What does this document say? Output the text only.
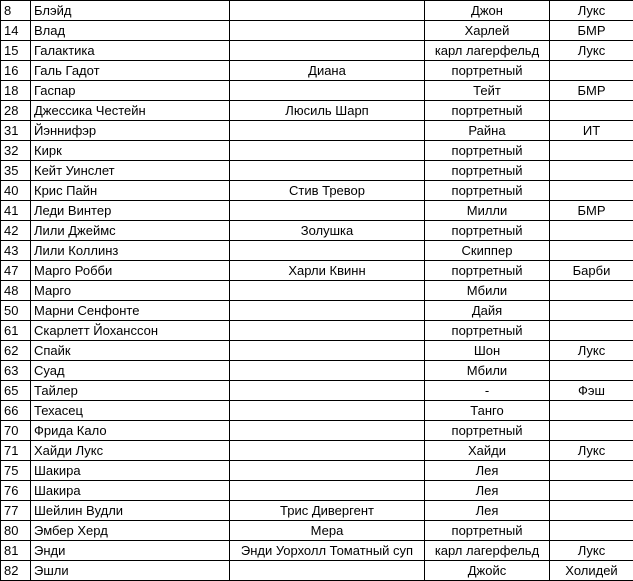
8	Блэйд		Джон	Лукс
14	Влад		Харлей	БМР
15	Галактика		карл лагерфельд	Лукс
16	Галь Гадот	Диана	портретный	
18	Гаспар		Тейт	БМР
28	Джессика Честейн	Люсиль Шарп	портретный	
31	Йэннифэр		Райна	ИТ
32	Кирк		портретный	
35	Кейт Уинслет		портретный	
40	Крис Пайн	Стив Тревор	портретный	
41	Леди Винтер		Милли	БМР
42	Лили Джеймс	Золушка	портретный	
43	Лили Коллинз		Скиппер	
47	Марго Робби	Харли Квинн	портретный	Барби
48	Марго		Мбили	
50	Марни Сенфонте		Дайя	
61	Скарлетт Йоханссон		портретный	
62	Спайк		Шон	Лукс
63	Суад		Мбили	
65	Тайлер		-	Фэш
66	Техасец		Танго	
70	Фрида Кало		портретный	
71	Хайди Лукс		Хайди	Лукс
75	Шакира		Лея	
76	Шакира		Лея	
77	Шейлин Вудли	Трис Дивергент	Лея	
80	Эмбер Херд	Мера	портретный	
81	Энди	Энди Уорхолл Томатный суп	карл лагерфельд	Лукс
82	Эшли		Джойс	Холидей
